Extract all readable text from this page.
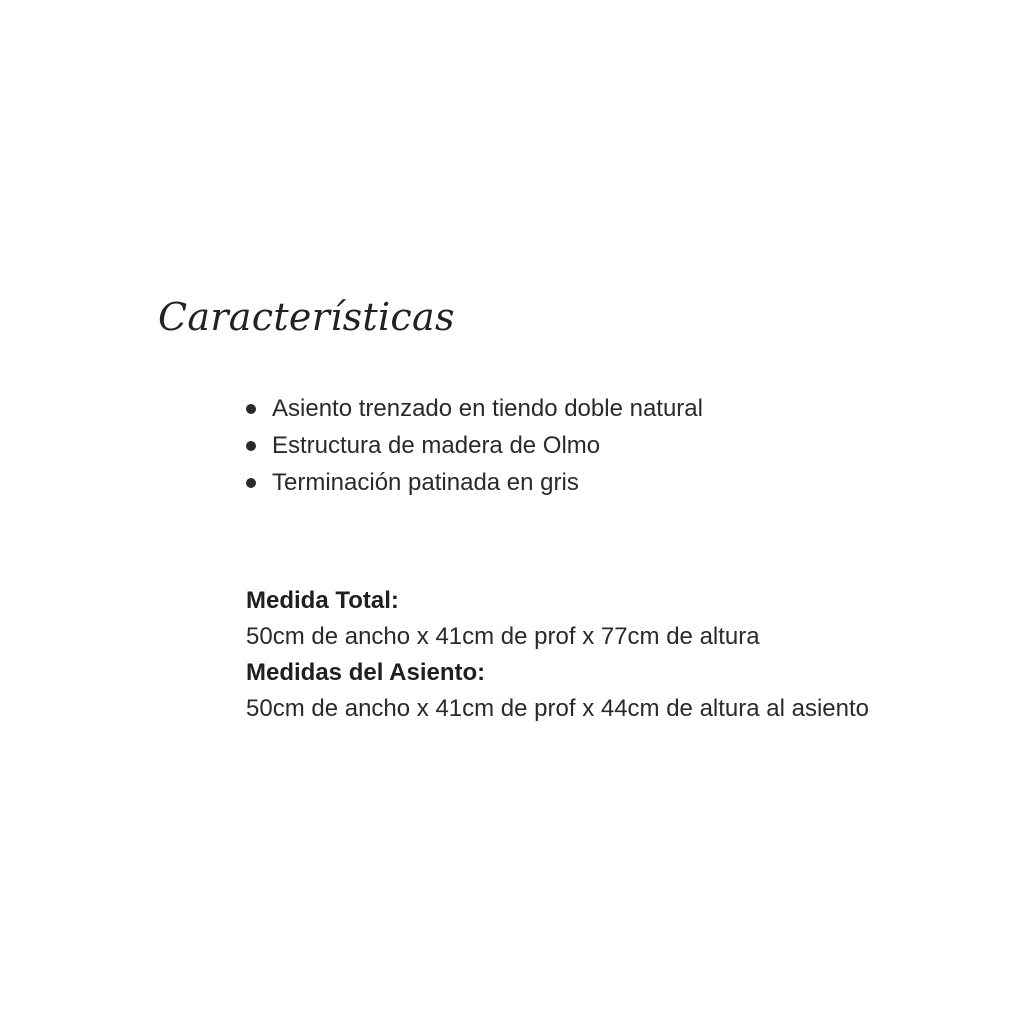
Características
Asiento trenzado en tiendo doble natural
Estructura de madera de Olmo
Terminación patinada en gris
Medida Total:
50cm de ancho x 41cm de prof x 77cm de altura
Medidas del Asiento:
50cm de ancho x 41cm de prof x 44cm de altura al asiento
